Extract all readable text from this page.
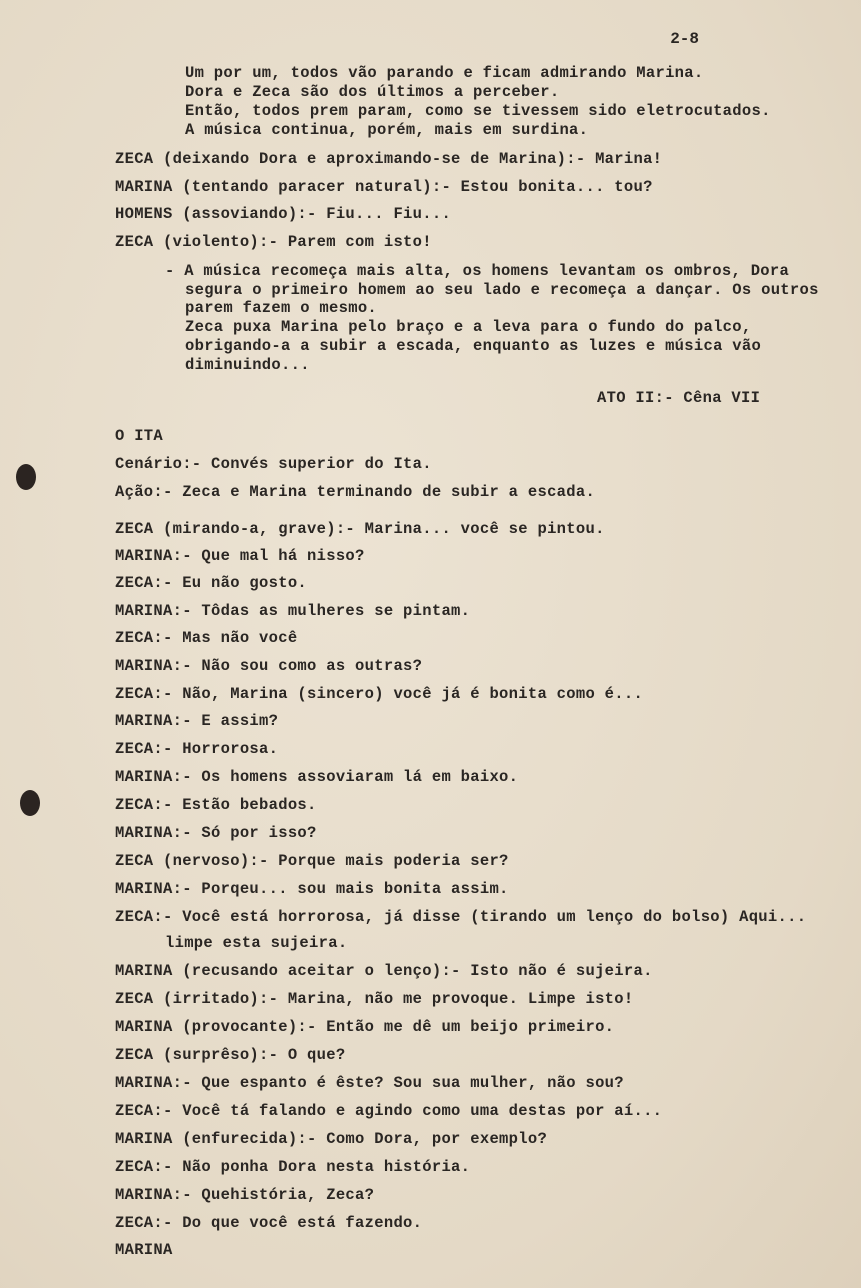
2-8
Um por um, todos vão parando e ficam admirando Marina.
Dora e Zeca são dos últimos a perceber.
Então, todos prem param, como se tivessem sido eletrocutados.
A música continua, porém, mais em surdina.
ZECA (deixando Dora e aproximando-se de Marina):- Marina!
MARINA (tentando paracer natural):- Estou bonita... tou?
HOMENS (assoviando):- Fiu... Fiu...
ZECA (violento):- Parem com isto!
- A música recomeça mais alta, os homens levantam os ombros, Dora
segura o primeiro homem ao seu lado e recomeça a dançar. Os outros
parem fazem o mesmo.
Zeca puxa Marina pelo braço e a leva para o fundo do palco,
obrigando-a a subir a escada, enquanto as luzes e música vão
diminuindo...
ATO II:- Cêna VII
O ITA
Cenário:- Convés superior do Ita.
Ação:- Zeca e Marina terminando de subir a escada.
ZECA (mirando-a, grave):- Marina... você se pintou.
MARINA:- Que mal há nisso?
ZECA:- Eu não gosto.
MARINA:- Tôdas as mulheres se pintam.
ZECA:- Mas não você
MARINA:- Não sou como as outras?
ZECA:- Não, Marina (sincero) você já é bonita como é...
MARINA:- E assim?
ZECA:- Horrorosa.
MARINA:- Os homens assoviaram lá em baixo.
ZECA:- Estão bebados.
MARINA:- Só por isso?
ZECA (nervoso):- Porque mais poderia ser?
MARINA:- Porqeu... sou mais bonita assim.
ZECA:- Você está horrorosa, já disse (tirando um lenço do bolso) Aqui...
limpe esta sujeira.
MARINA (recusando aceitar o lenço):- Isto não é sujeira.
ZECA (irritado):- Marina, não me provoque. Limpe isto!
MARINA (provocante):- Então me dê um beijo primeiro.
ZECA (surprêso):- O que?
MARINA:- Que espanto é êste? Sou sua mulher, não sou?
ZECA:- Você tá falando e agindo como uma destas por aí...
MARINA (enfurecida):- Como Dora, por exemplo?
ZECA:- Não ponha Dora nesta história.
MARINA:- Quehistória, Zeca?
ZECA:- Do que você está fazendo.
MARINA
